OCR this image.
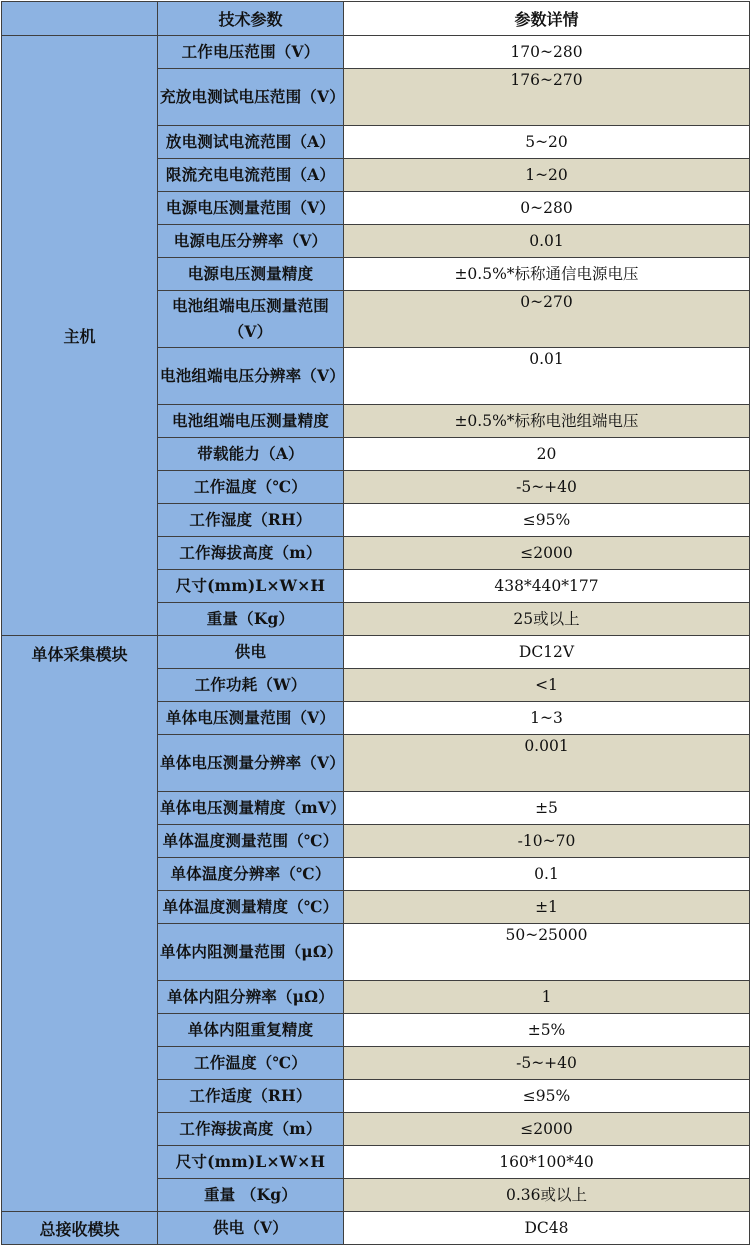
	技术参数	参数详情
主机	工作电压范围（V）	170~280
	充放电测试电压范围（V）	176~270
	放电测试电流范围（A）	5~20
	限流充电电流范围（A）	1~20
	电源电压测量范围（V）	0~280
	电源电压分辨率（V）	0.01
	电源电压测量精度	±0.5%*标称通信电源电压
	电池组端电压测量范围（V）	0~270
	电池组端电压分辨率（V）	0.01
	电池组端电压测量精度	±0.5%*标称电池组端电压
	带载能力（A）	20
	工作温度（℃）	-5~+40
	工作湿度（RH）	≤95%
	工作海拔高度（m）	≤2000
	尺寸(mm)L×W×H	438*440*177
	重量（Kg）	25或以上
单体采集模块	供电	DC12V
	工作功耗（W）	<1
	单体电压测量范围（V）	1~3
	单体电压测量分辨率（V）	0.001
	单体电压测量精度（mV）	±5
	单体温度测量范围（℃）	-10~70
	单体温度分辨率（℃）	0.1
	单体温度测量精度（℃）	±1
	单体内阻测量范围（μΩ）	50~25000
	单体内阻分辨率（μΩ）	1
	单体内阻重复精度	±5%
	工作温度（℃）	-5~+40
	工作适度（RH）	≤95%
	工作海拔高度（m）	≤2000
	尺寸(mm)L×W×H	160*100*40
	重量 （Kg）	0.36或以上
总接收模块	供电（V）	DC48
